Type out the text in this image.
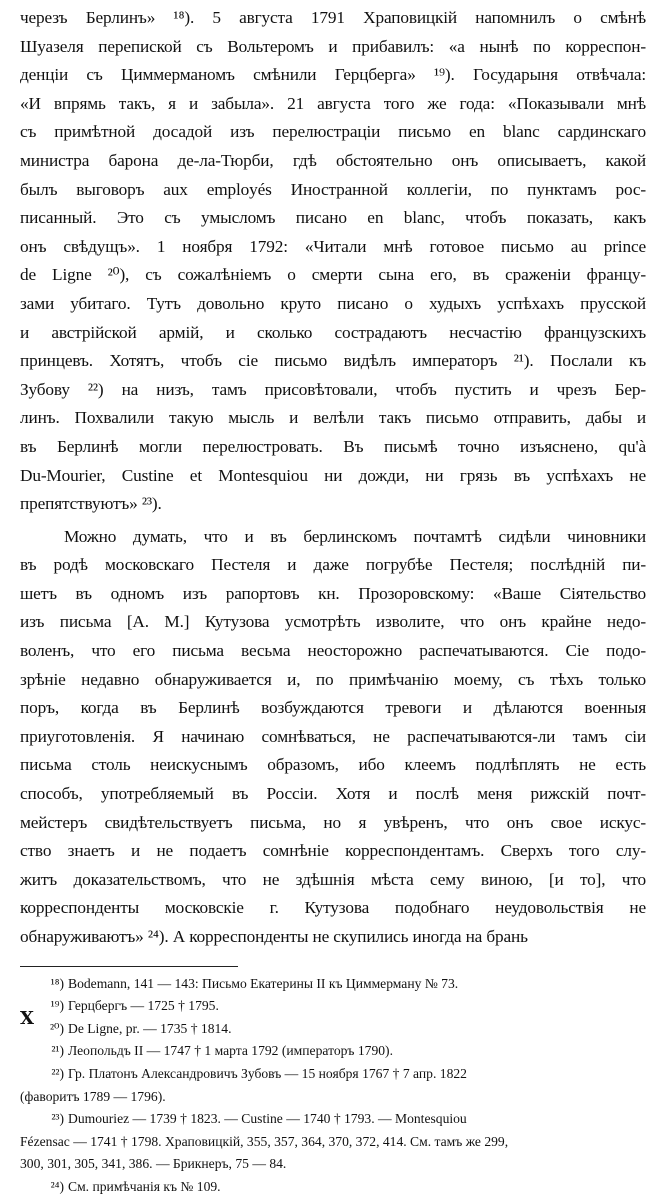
черезъ Берлинъ» ¹⁸). 5 августа 1791 Храповицкій напомнилъ о смѣнѣ
Шуазеля перепиской съ Вольтеромъ и прибавилъ: «а нынѣ по корреспон-
денціи съ Циммерманомъ смѣнили Герцберга» ¹⁹). Государыня отвѣчала:
«И впрямь такъ, я и забыла». 21 августа того же года: «Показывали мнѣ
съ примѣтной досадой изъ перелюстраціи письмо en blanc сардинскаго
министра барона де-ла-Тюрби, гдѣ обстоятельно онъ описываетъ, какой
былъ выговоръ aux employés Иностранной коллегіи, по пунктамъ рос-
писанный. Это съ умысломъ писано en blanc, чтобъ показать, какъ
онъ свѣдущъ». 1 ноября 1792: «Читали мнѣ готовое письмо au prince
de Ligne ²⁰), съ сожалѣніемъ о смерти сына его, въ сраженіи францу-
зами убитаго. Тутъ довольно круто писано о худыхъ успѣхахъ прусской
и австрійской армій, и сколько сострадаютъ несчастію французскихъ
принцевъ. Хотятъ, чтобъ сіе письмо видѣлъ императоръ ²¹). Послали къ
Зубову ²²) на низъ, тамъ присовѣтовали, чтобъ пустить и чрезъ Бер-
линъ. Похвалили такую мысль и велѣли такъ письмо отправить, дабы и
въ Берлинѣ могли перелюстровать. Въ письмѣ точно изъяснено, qu'à
Du-Mourier, Custine et Montesquiou ни дожди, ни грязь въ успѣхахъ не
препятствуютъ» ²³).
Можно думать, что и въ берлинскомъ почтамтѣ сидѣли чиновники
въ родѣ московскаго Пестеля и даже погрубѣе Пестеля; послѣдній пи-
шетъ въ одномъ изъ рапортовъ кн. Прозоровскому: «Ваше Сіятельство
изъ письма [А. М.] Кутузова усмотрѣть изволите, что онъ крайне недо-
воленъ, что его письма весьма неосторожно распечатываются. Сіе подо-
зрѣніе недавно обнаруживается и, по примѣчанію моему, съ тѣхъ только
поръ, когда въ Берлинѣ возбуждаются тревоги и дѣлаются военныя
приуготовленія. Я начинаю сомнѣваться, не распечатываются-ли тамъ сіи
письма столь неискуснымъ образомъ, ибо клеемъ подлѣплять не есть
способъ, употребляемый въ Россіи. Хотя и послѣ меня рижскій почт-
мейстеръ свидѣтельствуетъ письма, но я увѣренъ, что онъ свое искус-
ство знаетъ и не подаетъ сомнѣніе корреспондентамъ. Сверхъ того слу-
житъ доказательствомъ, что не здѣшнія мѣста сему виною, [и то], что
корреспонденты московскіе г. Кутузова подобнаго неудовольствія не
обнаруживаютъ» ²⁴). А корреспонденты не скупились иногда на брань
¹⁸) Bodemann, 141 — 143: Письмо Екатерины II къ Циммерману № 73.
¹⁹) Герцбергъ — 1725 † 1795.
²⁰) De Ligne, pr. — 1735 † 1814.
²¹) Леопольдъ II — 1747 † 1 марта 1792 (императоръ 1790).
²²) Гр. Платонъ Александровичъ Зубовъ — 15 ноября 1767 † 7 апр. 1822
(фаворитъ 1789 — 1796).
²³) Dumouriez — 1739 † 1823. — Custine — 1740 † 1793. — Montesquiou
Fézensac — 1741 † 1798. Храповицкій, 355, 357, 364, 370, 372, 414. См. тамъ же 299,
300, 301, 305, 341, 386. — Брикнеръ, 75 — 84.
²⁴) См. примѣчанія къ № 109.
X
